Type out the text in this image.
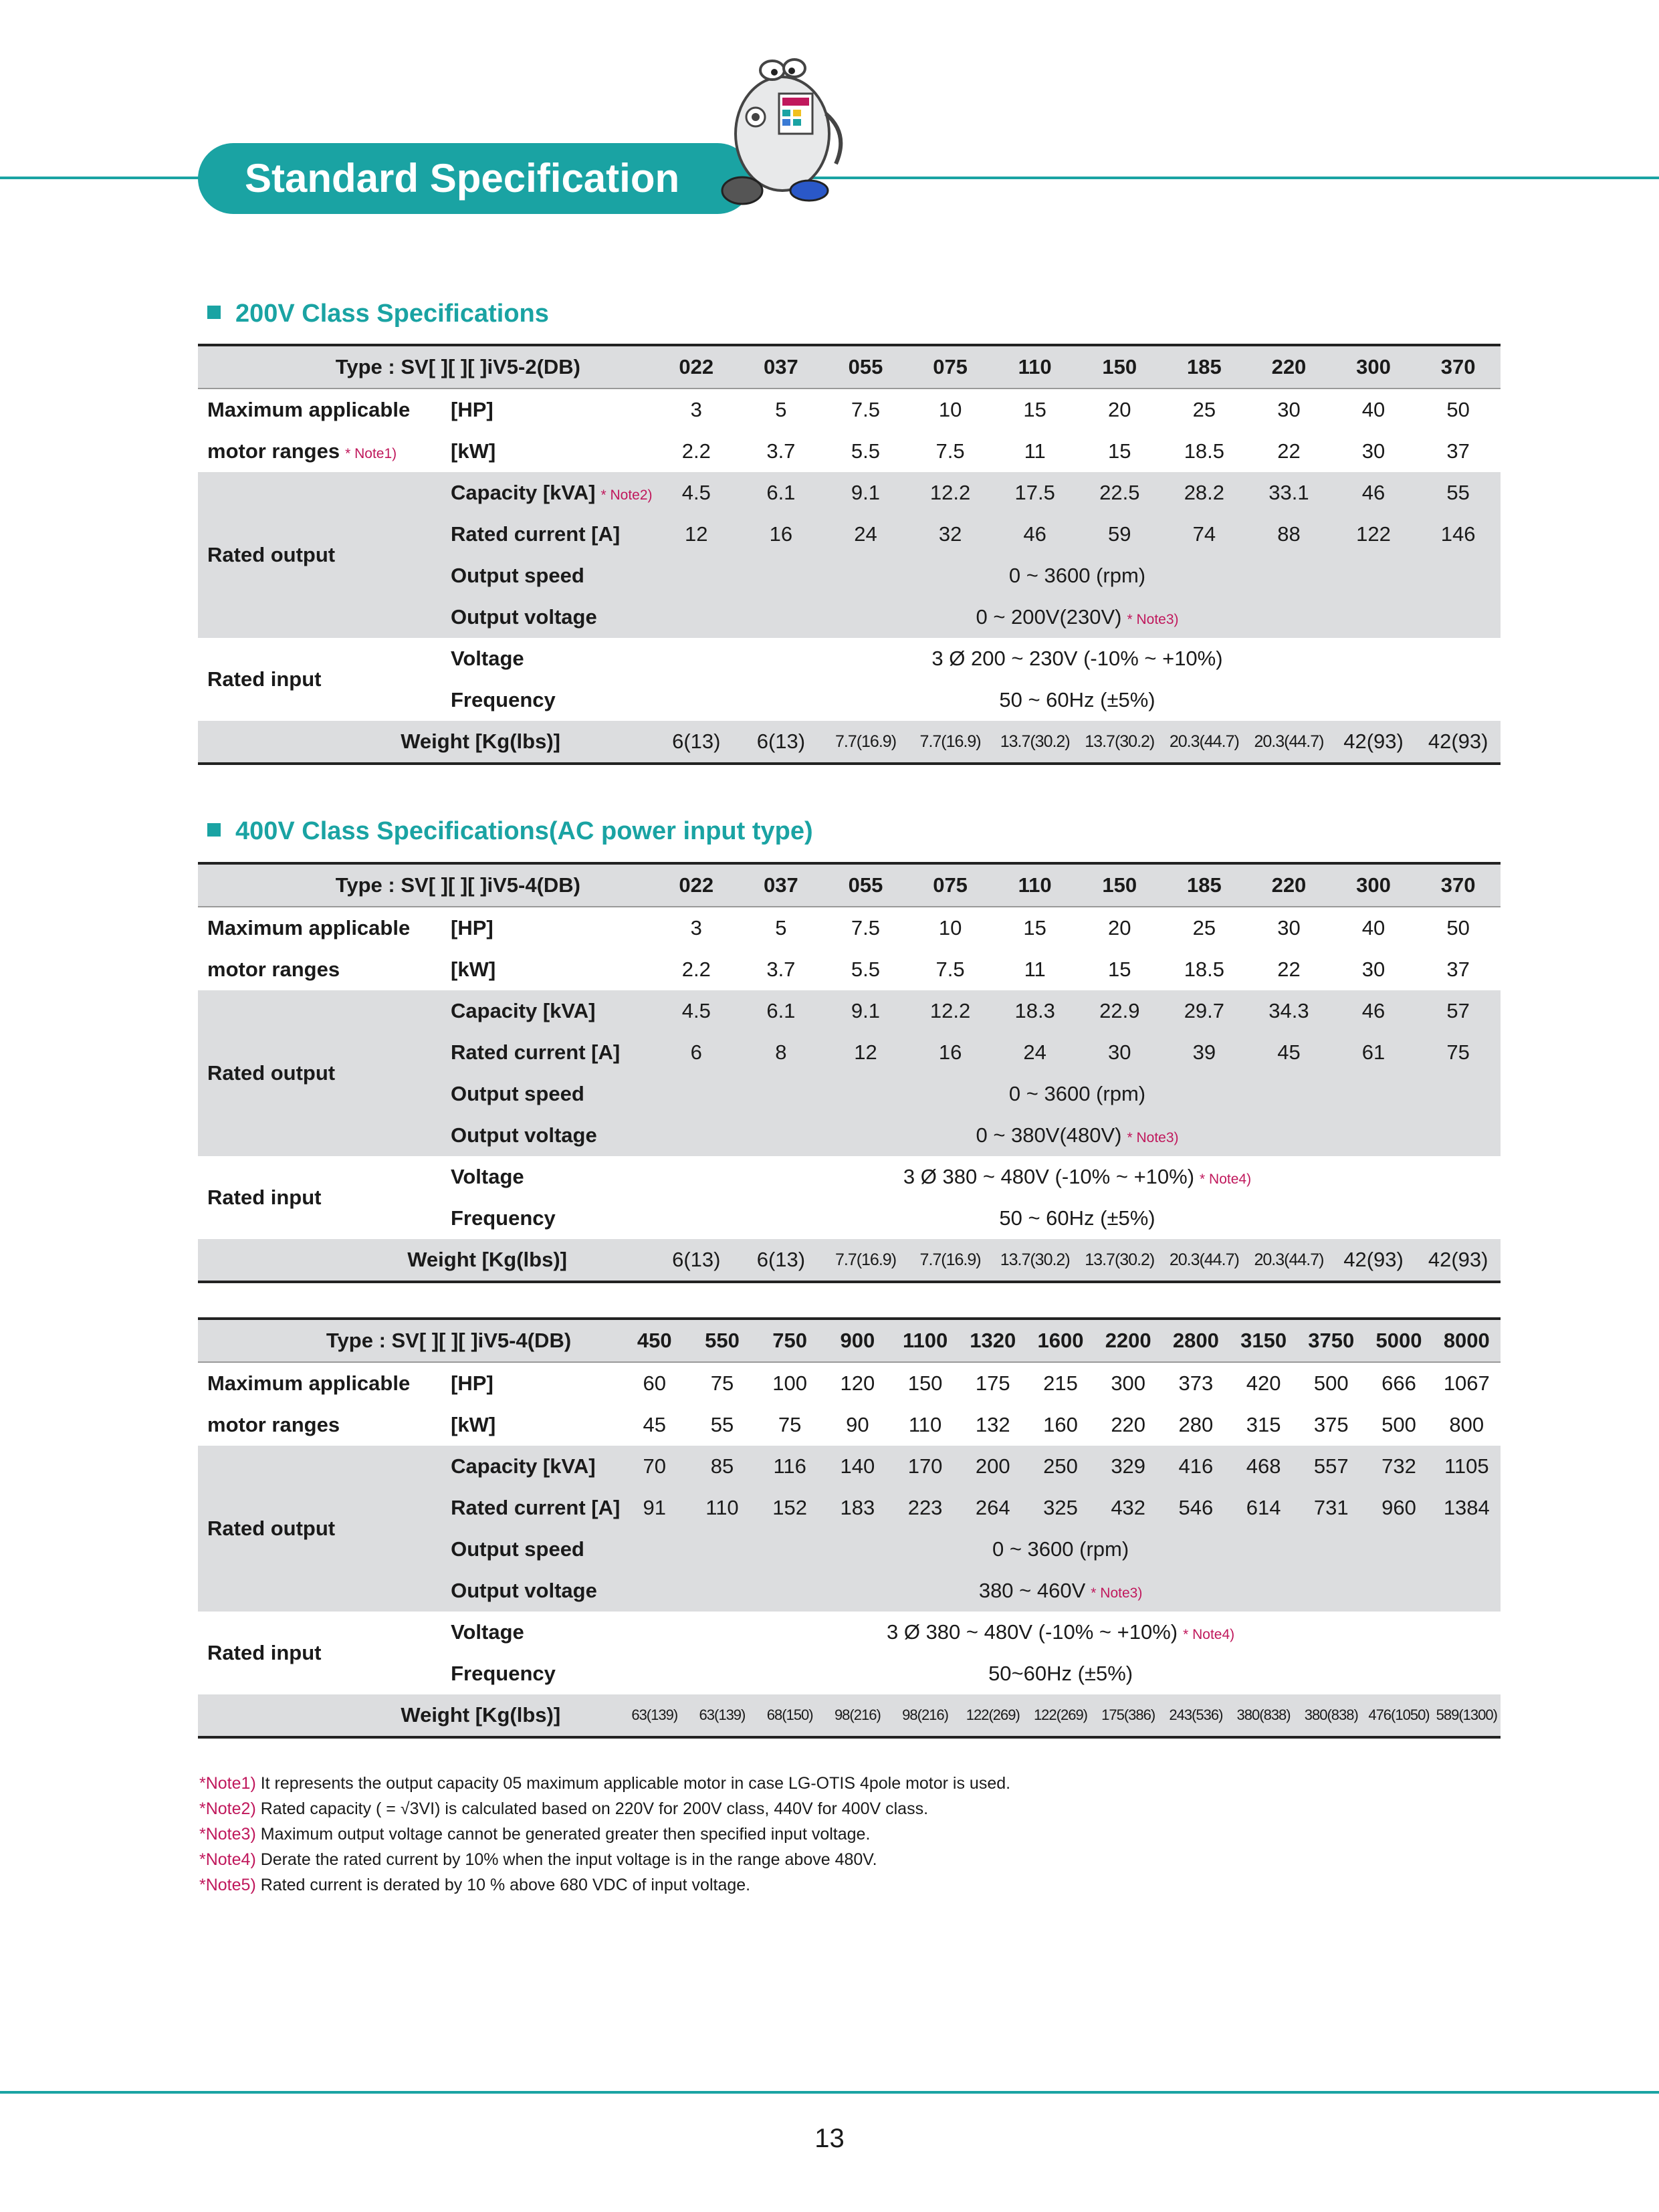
Standard Specification
200V Class Specifications
Type : SV[ ][ ][ ]iV5-2(DB)		022	037	055	075	110	150	185	220	300	370
Maximum applicable	[HP]	3	5	7.5	10	15	20	25	30	40	50
motor ranges * Note1)	[kW]	2.2	3.7	5.5	7.5	11	15	18.5	22	30	37
Rated output	Capacity [kVA] * Note2)	4.5	6.1	9.1	12.2	17.5	22.5	28.2	33.1	46	55
	Rated current [A]	12	16	24	32	46	59	74	88	122	146
	Output speed	0 ~ 3600 (rpm)									
	Output voltage	0 ~ 200V(230V) * Note3)									
Rated input	Voltage	3 Ø 200 ~ 230V (-10% ~ +10%)									
	Frequency	50 ~ 60Hz (±5%)									
Weight [Kg(lbs)]		6(13)	6(13)	7.7(16.9)	7.7(16.9)	13.7(30.2)	13.7(30.2)	20.3(44.7)	20.3(44.7)	42(93)	42(93)
400V Class Specifications(AC power input type)
Type : SV[ ][ ][ ]iV5-4(DB)		022	037	055	075	110	150	185	220	300	370
Maximum applicable	[HP]	3	5	7.5	10	15	20	25	30	40	50
motor ranges	[kW]	2.2	3.7	5.5	7.5	11	15	18.5	22	30	37
Rated output	Capacity [kVA]	4.5	6.1	9.1	12.2	18.3	22.9	29.7	34.3	46	57
	Rated current [A]	6	8	12	16	24	30	39	45	61	75
	Output speed	0 ~ 3600 (rpm)									
	Output voltage	0 ~ 380V(480V) * Note3)									
Rated input	Voltage	3 Ø 380 ~ 480V (-10% ~ +10%) * Note4)									
	Frequency	50 ~ 60Hz (±5%)									
Weight [Kg(lbs)]		6(13)	6(13)	7.7(16.9)	7.7(16.9)	13.7(30.2)	13.7(30.2)	20.3(44.7)	20.3(44.7)	42(93)	42(93)
Type : SV[ ][ ][ ]iV5-4(DB)		450	550	750	900	1100	1320	1600	2200	2800	3150	3750	5000	8000
Maximum applicable	[HP]	60	75	100	120	150	175	215	300	373	420	500	666	1067
motor ranges	[kW]	45	55	75	90	110	132	160	220	280	315	375	500	800
Rated output	Capacity [kVA]	70	85	116	140	170	200	250	329	416	468	557	732	1105
	Rated current [A]	91	110	152	183	223	264	325	432	546	614	731	960	1384
	Output speed	0 ~ 3600 (rpm)												
	Output voltage	380 ~ 460V * Note3)												
Rated input	Voltage	3 Ø 380 ~ 480V (-10% ~ +10%) * Note4)												
	Frequency	50~60Hz (±5%)												
Weight [Kg(lbs)]		63(139)	63(139)	68(150)	98(216)	98(216)	122(269)	122(269)	175(386)	243(536)	380(838)	380(838)	476(1050)	589(1300)
*Note1) It represents the output capacity 05 maximum applicable motor in case LG-OTIS 4pole motor is used.
*Note2) Rated capacity ( = √3VI) is calculated based on 220V for 200V class, 440V for 400V class.
*Note3) Maximum output voltage cannot be generated greater then specified input voltage.
*Note4) Derate the rated current by 10% when the input voltage is in the range above 480V.
*Note5) Rated current is derated by 10 % above 680 VDC of input voltage.
13
